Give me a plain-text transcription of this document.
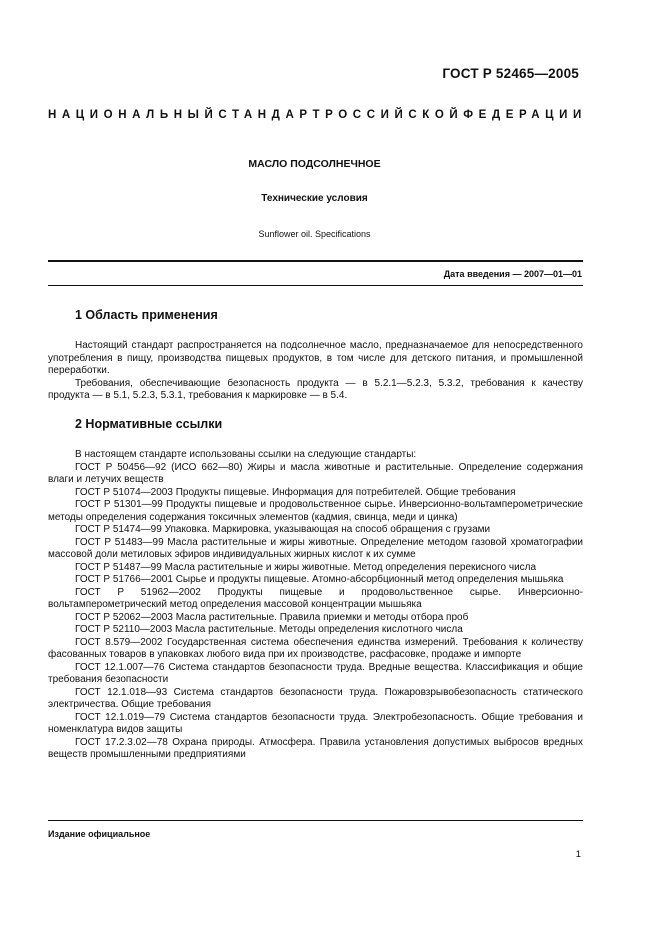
ГОСТ Р 52465—2005
НАЦИОНАЛЬНЫЙ СТАНДАРТ РОССИЙСКОЙ ФЕДЕРАЦИИ
МАСЛО ПОДСОЛНЕЧНОЕ
Технические условия
Sunflower oil. Specifications
Дата введения — 2007—01—01
1 Область применения

Настоящий стандарт распространяется на подсолнечное масло, предназначаемое для непосредственного употребления в пищу, производства пищевых продуктов, в том числе для детского питания, и промышленной переработки.

Требования, обеспечивающие безопасность продукта — в 5.2.1—5.2.3, 5.3.2, требования к качеству продукта — в 5.1, 5.2.3, 5.3.1, требования к маркировке — в 5.4.

2 Нормативные ссылки

В настоящем стандарте использованы ссылки на следующие стандарты:

ГОСТ Р 50456—92 (ИСО 662—80) Жиры и масла животные и растительные. Определение содержания влаги и летучих веществ

ГОСТ Р 51074—2003 Продукты пищевые. Информация для потребителей. Общие требования

ГОСТ Р 51301—99 Продукты пищевые и продовольственное сырье. Инверсионно-вольтамперометрические методы определения содержания токсичных элементов (кадмия, свинца, меди и цинка)

ГОСТ Р 51474—99 Упаковка. Маркировка, указывающая на способ обращения с грузами

ГОСТ Р 51483—99 Масла растительные и жиры животные. Определение методом газовой хроматографии массовой доли метиловых эфиров индивидуальных жирных кислот к их сумме

ГОСТ Р 51487—99 Масла растительные и жиры животные. Метод определения перекисного числа

ГОСТ Р 51766—2001 Сырье и продукты пищевые. Атомно-абсорбционный метод определения мышьяка

ГОСТ Р 51962—2002 Продукты пищевые и продовольственное сырье. Инверсионно-вольтамперометрический метод определения массовой концентрации мышьяка

ГОСТ Р 52062—2003 Масла растительные. Правила приемки и методы отбора проб

ГОСТ Р 52110—2003 Масла растительные. Методы определения кислотного числа

ГОСТ 8.579—2002 Государственная система обеспечения единства измерений. Требования к количеству фасованных товаров в упаковках любого вида при их производстве, расфасовке, продаже и импорте

ГОСТ 12.1.007—76 Система стандартов безопасности труда. Вредные вещества. Классификация и общие требования безопасности

ГОСТ 12.1.018—93 Система стандартов безопасности труда. Пожаровзрывобезопасность статического электричества. Общие требования

ГОСТ 12.1.019—79 Система стандартов безопасности труда. Электробезопасность. Общие требования и номенклатура видов защиты

ГОСТ 17.2.3.02—78 Охрана природы. Атмосфера. Правила установления допустимых выбросов вредных веществ промышленными предприятиями

Издание официальное
1
